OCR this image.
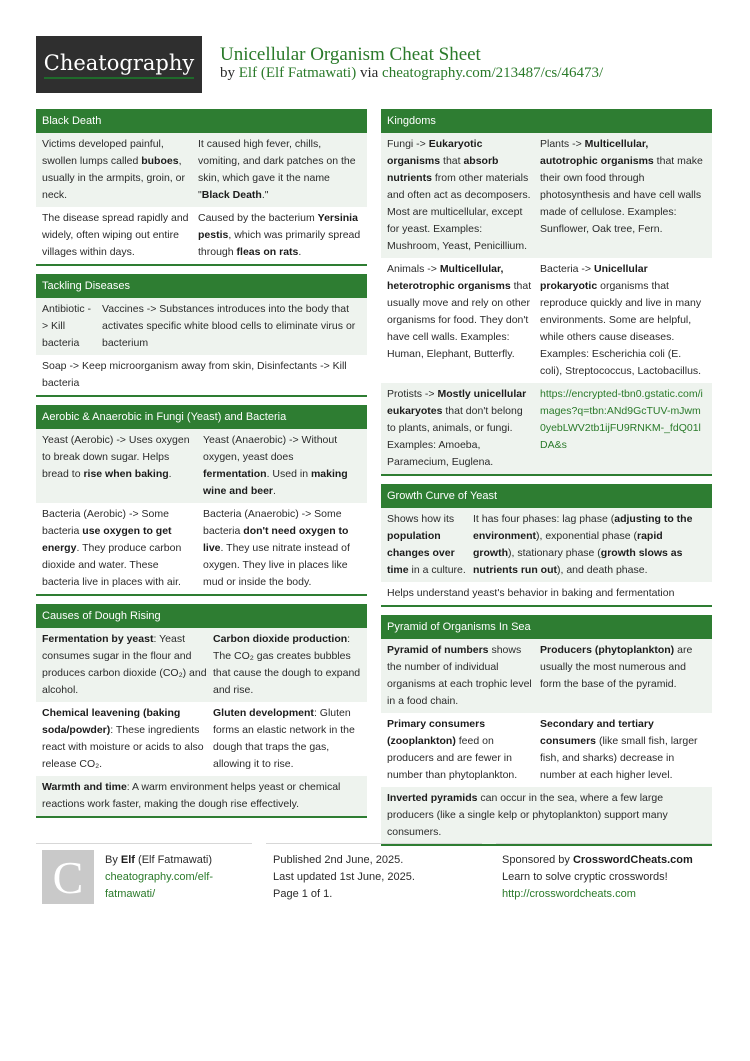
Cheatography Unicellular Organism Cheat Sheet
by Elf (Elf Fatmawati) via cheatography.com/213487/cs/46473/
Black Death
Victims developed painful, swollen lumps called buboes, usually in the armpits, groin, or neck.
It caused high fever, chills, vomiting, and dark patches on the skin, which gave it the name "Black Death."
The disease spread rapidly and widely, often wiping out entire villages within days.
Caused by the bacterium Yersinia pestis, which was primarily spread through fleas on rats.
Tackling Diseases
Antibiotic -> Kill bacteria
Vaccines -> Substances introduces into the body that activates specific white blood cells to eliminate virus or bacterium
Soap -> Keep microorganism away from skin, Disinfectants -> Kill bacteria
Aerobic & Anaerobic in Fungi (Yeast) and Bacteria
Yeast (Aerobic) -> Uses oxygen to break down sugar. Helps bread to rise when baking.
Yeast (Anaerobic) -> Without oxygen, yeast does fermentation. Used in making wine and beer.
Bacteria (Aerobic) -> Some bacteria use oxygen to get energy. They produce carbon dioxide and water. These bacteria live in places with air.
Bacteria (Anaerobic) -> Some bacteria don't need oxygen to live. They use nitrate instead of oxygen. They live in places like mud or inside the body.
Causes of Dough Rising
Fermentation by yeast: Yeast consumes sugar in the flour and produces carbon dioxide (CO₂) and alcohol.
Carbon dioxide production: The CO₂ gas creates bubbles that cause the dough to expand and rise.
Chemical leavening (baking soda/powder): These ingredients react with moisture or acids to also release CO₂.
Gluten development: Gluten forms an elastic network in the dough that traps the gas, allowing it to rise.
Warmth and time: A warm environment helps yeast or chemical reactions work faster, making the dough rise effectively.
Kingdoms
Fungi -> Eukaryotic organisms that absorb nutrients from other materials and often act as decomposers. Most are multicellular, except for yeast. Examples: Mushroom, Yeast, Penicillium.
Plants -> Multicellular, autotrophic organisms that make their own food through photosynthesis and have cell walls made of cellulose. Examples: Sunflower, Oak tree, Fern.
Animals -> Multicellular, heterotrophic organisms that usually move and rely on other organisms for food. They don't have cell walls. Examples: Human, Elephant, Butterfly.
Bacteria -> Unicellular prokaryotic organisms that reproduce quickly and live in many environments. Some are helpful, while others cause diseases. Examples: Escherichia coli (E. coli), Streptococcus, Lactobacillus.
Protists -> Mostly unicellular eukaryotes that don't belong to plants, animals, or fungi. Examples: Amoeba, Paramecium, Euglena.
https://encrypted-tbn0.gstatic.com/images?q=tbn:ANd9GcTUV-mJwm0yebLWV2tb1ijFU9RNKM-_fdQ01lDA&s
Growth Curve of Yeast
Shows how its population changes over time in a culture.
It has four phases: lag phase (adjusting to the environment), exponential phase (rapid growth), stationary phase (growth slows as nutrients run out), and death phase.
Helps understand yeast's behavior in baking and fermentation
Pyramid of Organisms In Sea
Pyramid of numbers shows the number of individual organisms at each trophic level in a food chain.
Producers (phytoplankton) are usually the most numerous and form the base of the pyramid.
Primary consumers (zooplankton) feed on producers and are fewer in number than phytoplankton.
Secondary and tertiary consumers (like small fish, larger fish, and sharks) decrease in number at each higher level.
Inverted pyramids can occur in the sea, where a few large producers (like a single kelp or phytoplankton) support many consumers.
C	By Elf (Elf Fatmawati)
cheatography.com/elf-fatmawati/
Published 2nd June, 2025.
Last updated 1st June, 2025.
Page 1 of 1.
Sponsored by CrosswordCheats.com
Learn to solve cryptic crosswords!
http://crosswordcheats.com
